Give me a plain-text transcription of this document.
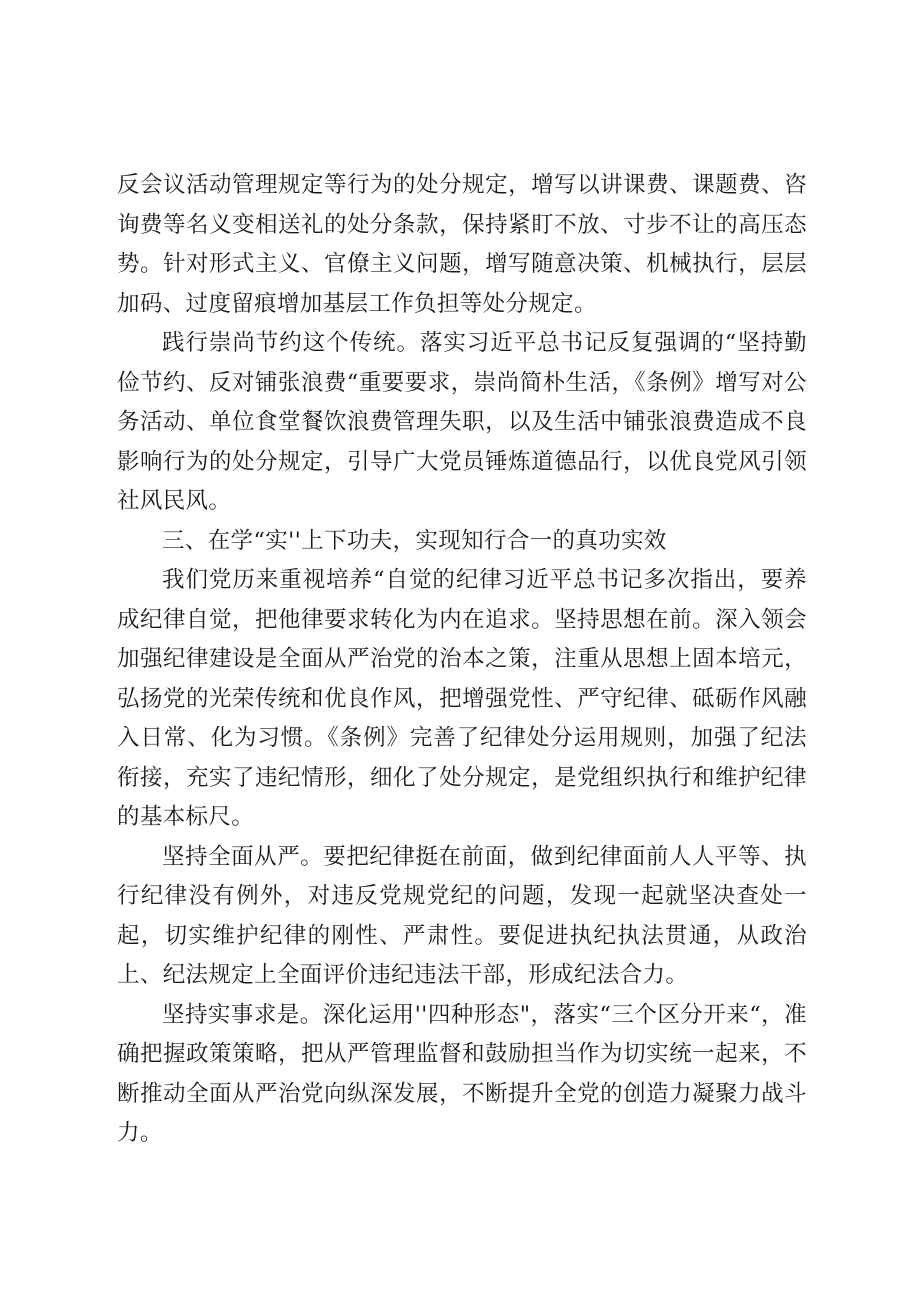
反会议活动管理规定等行为的处分规定，增写以讲课费、课题费、咨询费等名义变相送礼的处分条款，保持紧盯不放、寸步不让的高压态势。针对形式主义、官僚主义问题，增写随意决策、机械执行，层层加码、过度留痕增加基层工作负担等处分规定。

践行崇尚节约这个传统。落实习近平总书记反复强调的“坚持勤俭节约、反对铺张浪费“重要要求，崇尚简朴生活，《条例》增写对公务活动、单位食堂餐饮浪费管理失职，以及生活中铺张浪费造成不良影响行为的处分规定，引导广大党员锤炼道德品行，以优良党风引领社风民风。

三、在学“实''上下功夫，实现知行合一的真功实效

我们党历来重视培养“自觉的纪律习近平总书记多次指出，要养成纪律自觉，把他律要求转化为内在追求。坚持思想在前。深入领会加强纪律建设是全面从严治党的治本之策，注重从思想上固本培元，弘扬党的光荣传统和优良作风，把增强党性、严守纪律、砥砺作风融入日常、化为习惯。《条例》完善了纪律处分运用规则，加强了纪法衔接，充实了违纪情形，细化了处分规定，是党组织执行和维护纪律的基本标尺。

坚持全面从严。要把纪律挺在前面，做到纪律面前人人平等、执行纪律没有例外，对违反党规党纪的问题，发现一起就坚决查处一起，切实维护纪律的刚性、严肃性。要促进执纪执法贯通，从政治上、纪法规定上全面评价违纪违法干部，形成纪法合力。

坚持实事求是。深化运用''四种形态"，落实“三个区分开来“，准确把握政策策略，把从严管理监督和鼓励担当作为切实统一起来，不断推动全面从严治党向纵深发展，不断提升全党的创造力凝聚力战斗力。
